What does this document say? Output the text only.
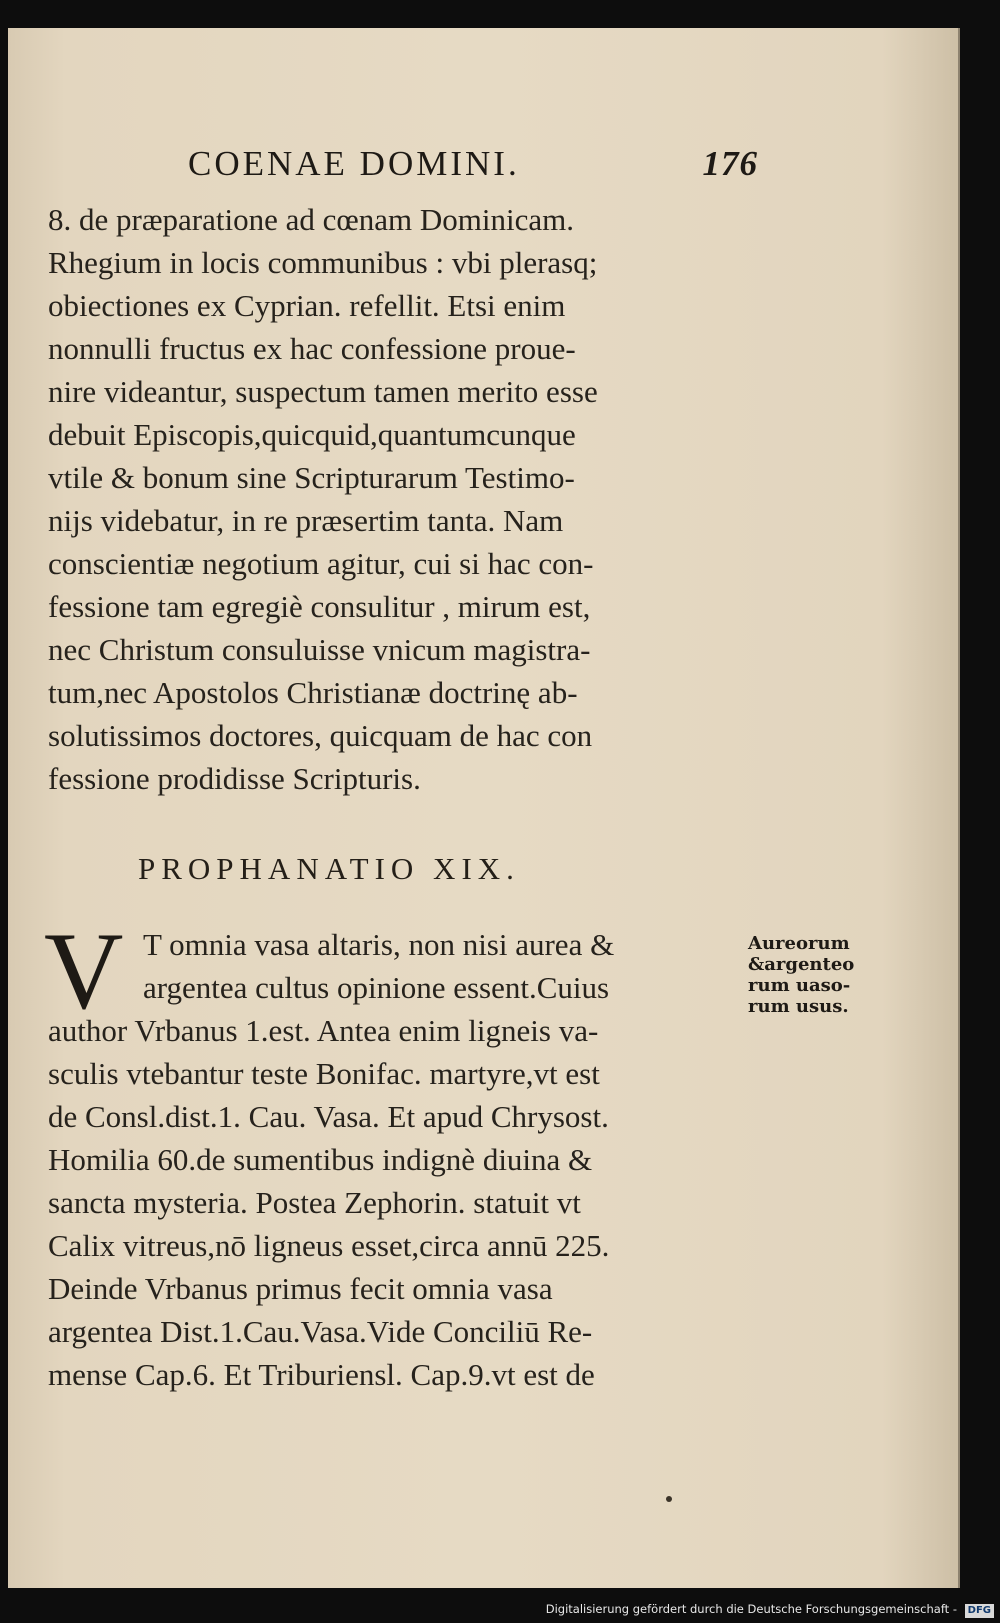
COENAE DOMINI.	176
8. de præparatione ad cœnam Dominicam.
Rhegium in locis communibus : vbi plerasq;
obiectiones ex Cyprian. refellit. Etsi enim
nonnulli fructus ex hac confessione proue-
nire videantur, suspectum tamen merito esse
debuit Episcopis,quicquid,quantumcunque
vtile & bonum sine Scripturarum Testimo-
nijs videbatur, in re præsertim tanta. Nam
conscientiæ negotium agitur, cui si hac con-
fessione tam egregiè consulitur , mirum est,
nec Christum consuluisse vnicum magistra-
tum,nec Apostolos Christianæ doctrinę ab-
solutissimos doctores, quicquam de hac con
fessione prodidisse Scripturis.
PROPHANATIO XIX.
V T omnia vasa altaris, non nisi aurea &
argentea cultus opinione essent.Cuius
author Vrbanus 1.est. Antea enim ligneis va-
sculis vtebantur teste Bonifac. martyre,vt est
de Consl.dist.1. Cau. Vasa. Et apud Chrysost.
Homilia 60.de sumentibus indignè diuina &
sancta mysteria. Postea Zephorin. statuit vt
Calix vitreus,nō ligneus esset,circa annū 225.
Deinde Vrbanus primus fecit omnia vasa
argentea Dist.1.Cau.Vasa.Vide Conciliū Re-
mense Cap.6. Et Triburiensl. Cap.9.vt est de
Aureorum
&argenteo
rum uaso-
rum usus.
Digitalisierung gefördert durch die Deutsche Forschungsgemeinschaft - DFG
